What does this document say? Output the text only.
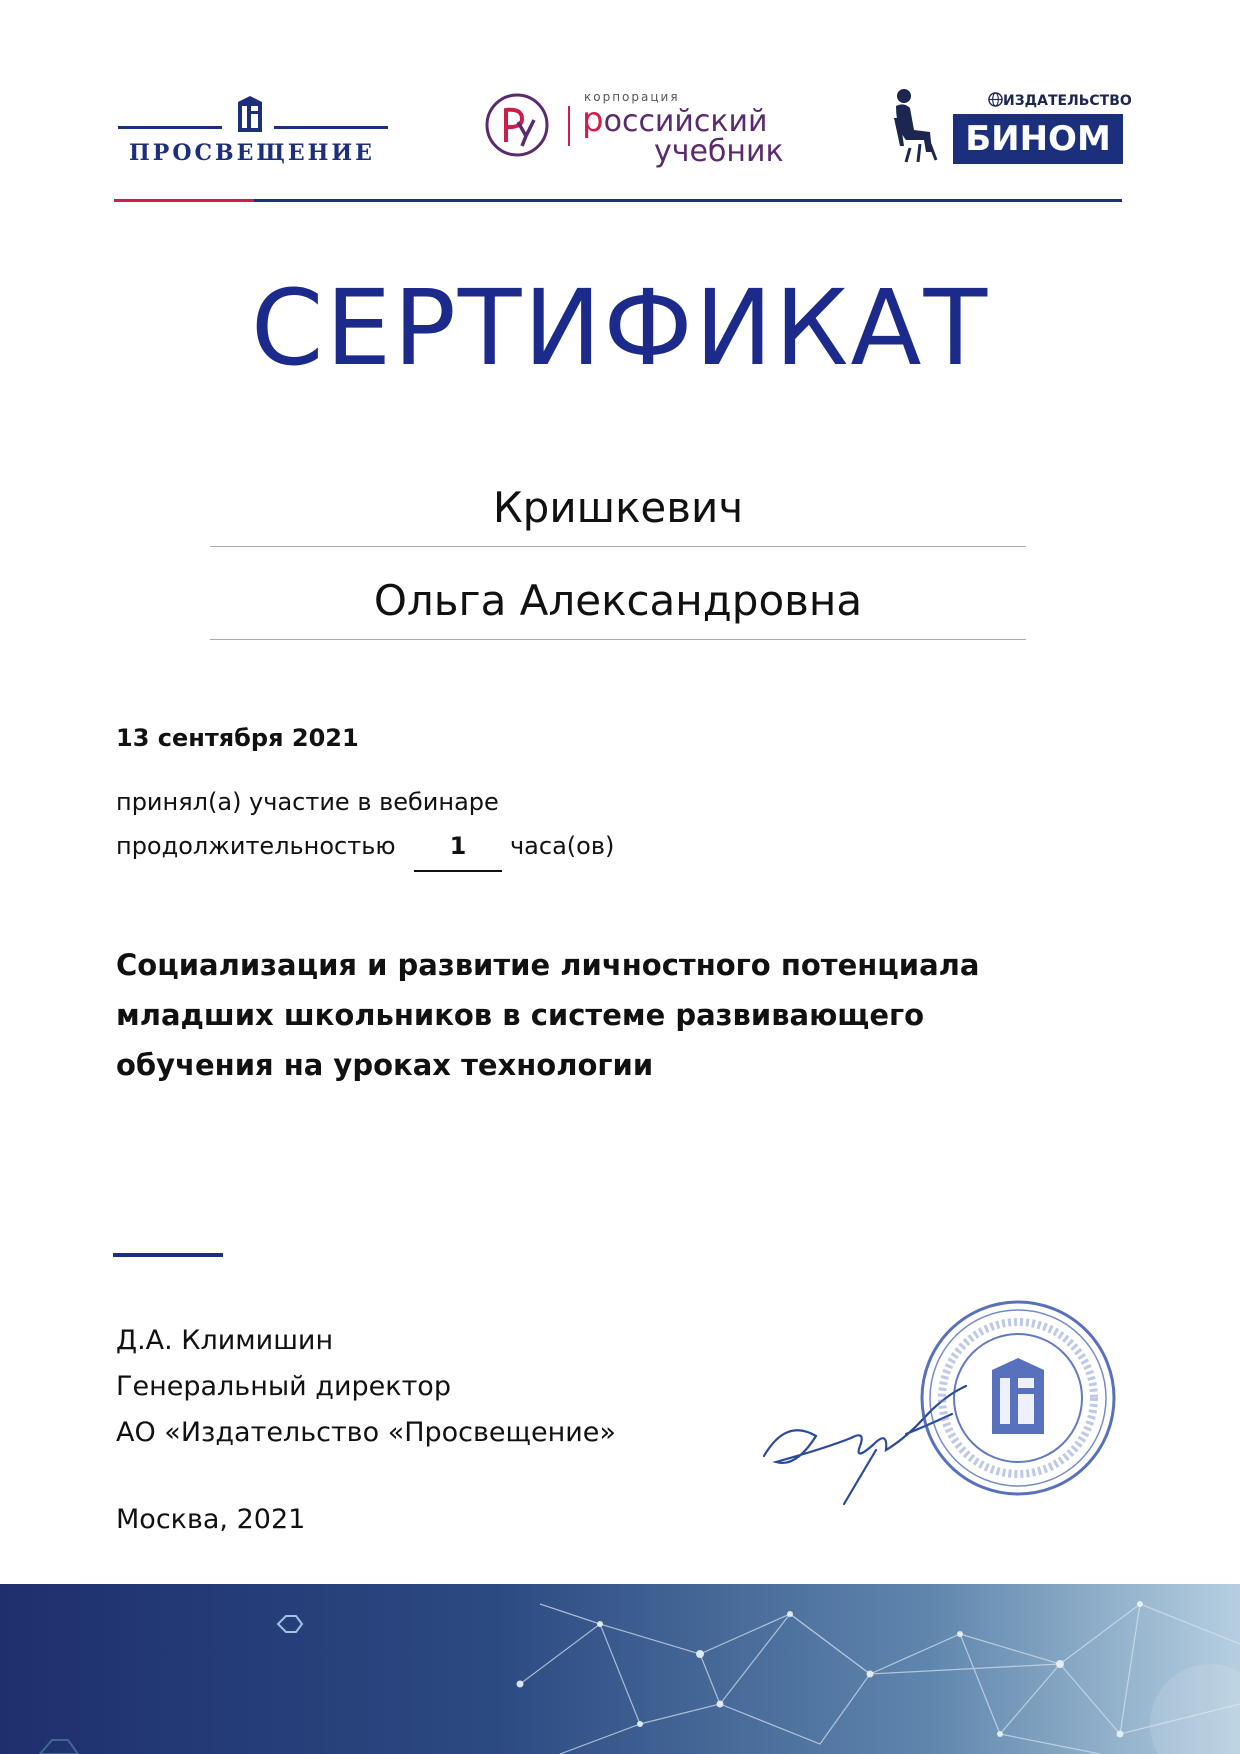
ПРОСВЕЩЕНИЕ
корпорация
российский
учебник
ИЗДАТЕЛЬСТВО
БИНОМ
СЕРТИФИКАТ
Кришкевич
Ольга Александровна
13 сентября 2021
принял(а) участие в вебинаре
продолжительностью	1	часа(ов)
Социализация и развитие личностного потенциала
младших школьников в системе развивающего
обучения на уроках технологии
Д.А. Климишин
Генеральный директор
АО «Издательство «Просвещение»
Москва, 2021
